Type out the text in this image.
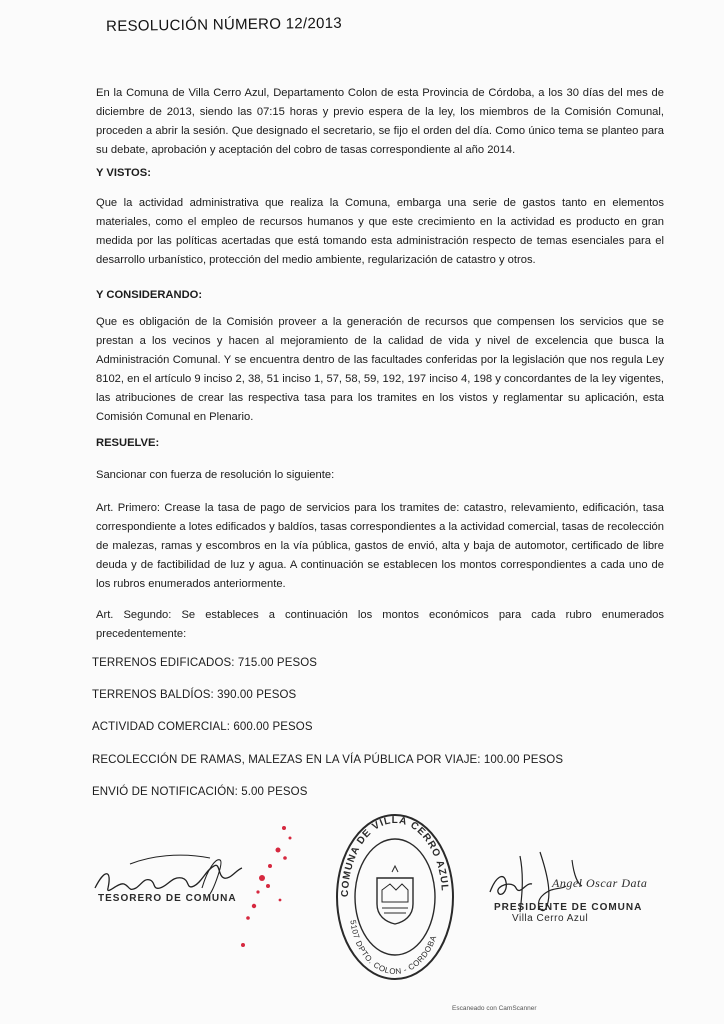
RESOLUCIÓN NÚMERO 12/2013
En la Comuna de Villa Cerro Azul, Departamento Colon de esta Provincia de Córdoba, a los 30 días del mes de diciembre de 2013, siendo las 07:15 horas y previo espera de la ley, los miembros de la Comisión Comunal, proceden a abrir la sesión. Que designado el secretario, se fijo el orden del día. Como único tema se planteo para su debate, aprobación y aceptación del cobro de tasas correspondiente al año 2014.
Y VISTOS:
Que la actividad administrativa que realiza la Comuna, embarga una serie de gastos tanto en elementos materiales, como el empleo de recursos humanos y que este crecimiento en la actividad es producto en gran medida por las políticas acertadas que está tomando esta administración respecto de temas esenciales para el desarrollo urbanístico, protección del medio ambiente, regularización de catastro y otros.
Y CONSIDERANDO:
Que es obligación de la Comisión proveer a la generación de recursos que compensen los servicios que se prestan a los vecinos y hacen al mejoramiento de la calidad de vida y nivel de excelencia que busca la Administración Comunal. Y se encuentra dentro de las facultades conferidas por la legislación que nos regula Ley 8102, en el artículo 9 inciso 2, 38, 51 inciso 1, 57, 58, 59, 192, 197 inciso 4, 198 y concordantes de la ley vigentes, las atribuciones de crear las respectiva tasa para los tramites en los vistos y reglamentar su aplicación, esta Comisión Comunal en Plenario.
RESUELVE:
Sancionar con fuerza de resolución lo siguiente:
Art. Primero: Crease la tasa de pago de servicios para los tramites de: catastro, relevamiento, edificación, tasa correspondiente a lotes edificados y baldíos, tasas correspondientes a la actividad comercial, tasas de recolección de malezas, ramas y escombros en la vía pública, gastos de envió, alta y baja de automotor, certificado de libre deuda y de factibilidad de luz y agua. A continuación se establecen los montos correspondientes a cada uno de los rubros enumerados anteriormente.
Art. Segundo: Se estableces a continuación los montos económicos para cada rubro enumerados precedentemente:
TERRENOS EDIFICADOS: 715.00 PESOS
TERRENOS BALDÍOS: 390.00 PESOS
ACTIVIDAD COMERCIAL: 600.00 PESOS
RECOLECCIÓN DE RAMAS, MALEZAS EN LA VÍA PÚBLICA POR VIAJE: 100.00 PESOS
ENVIÓ DE NOTIFICACIÓN: 5.00 PESOS
TESORERO DE COMUNA
COMUNA DE VILLA CERRO AZUL
5107 DPTO. COLON - CORDOBA
Angel Oscar Data
PRESIDENTE DE COMUNA
Villa Cerro Azul
Escaneado con CamScanner
